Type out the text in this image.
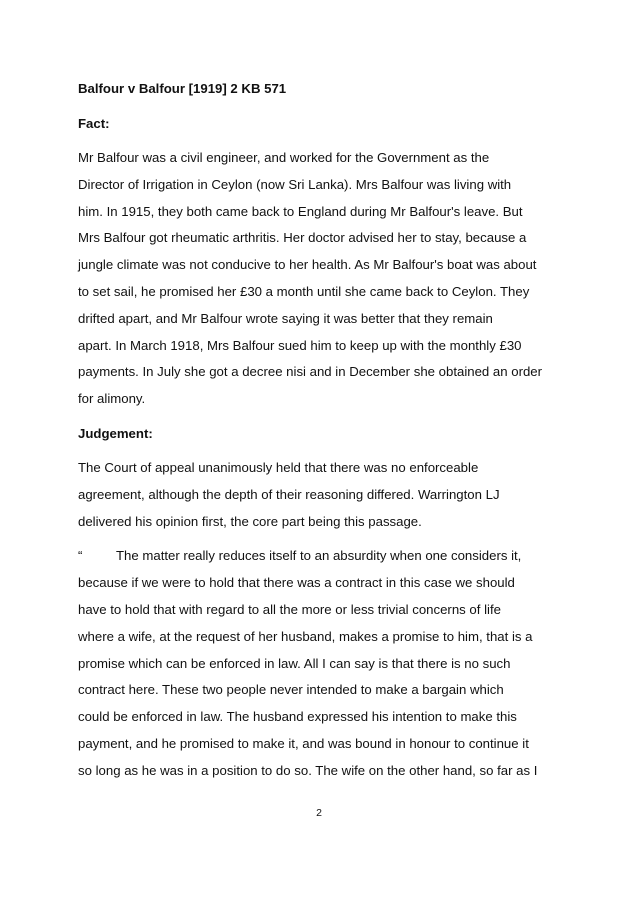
Balfour v Balfour [1919] 2 KB 571
Fact:
Mr Balfour was a civil engineer, and worked for the Government as the
Director of Irrigation in Ceylon (now Sri Lanka). Mrs Balfour was living with
him. In 1915, they both came back to England during Mr Balfour's leave. But
Mrs Balfour got rheumatic arthritis. Her doctor advised her to stay, because a
jungle climate was not conducive to her health. As Mr Balfour's boat was about
to set sail, he promised her £30 a month until she came back to Ceylon. They
drifted apart, and Mr Balfour wrote saying it was better that they remain
apart. In March 1918, Mrs Balfour sued him to keep up with the monthly £30
payments. In July she got a decree nisi and in December she obtained an order
for alimony.
Judgement:
The Court of appeal unanimously held that there was no enforceable
agreement, although the depth of their reasoning differed. Warrington LJ
delivered his opinion first, the core part being this passage.
“	The matter really reduces itself to an absurdity when one considers it,
because if we were to hold that there was a contract in this case we should
have to hold that with regard to all the more or less trivial concerns of life
where a wife, at the request of her husband, makes a promise to him, that is a
promise which can be enforced in law. All I can say is that there is no such
contract here. These two people never intended to make a bargain which
could be enforced in law. The husband expressed his intention to make this
payment, and he promised to make it, and was bound in honour to continue it
so long as he was in a position to do so. The wife on the other hand, so far as I
2
